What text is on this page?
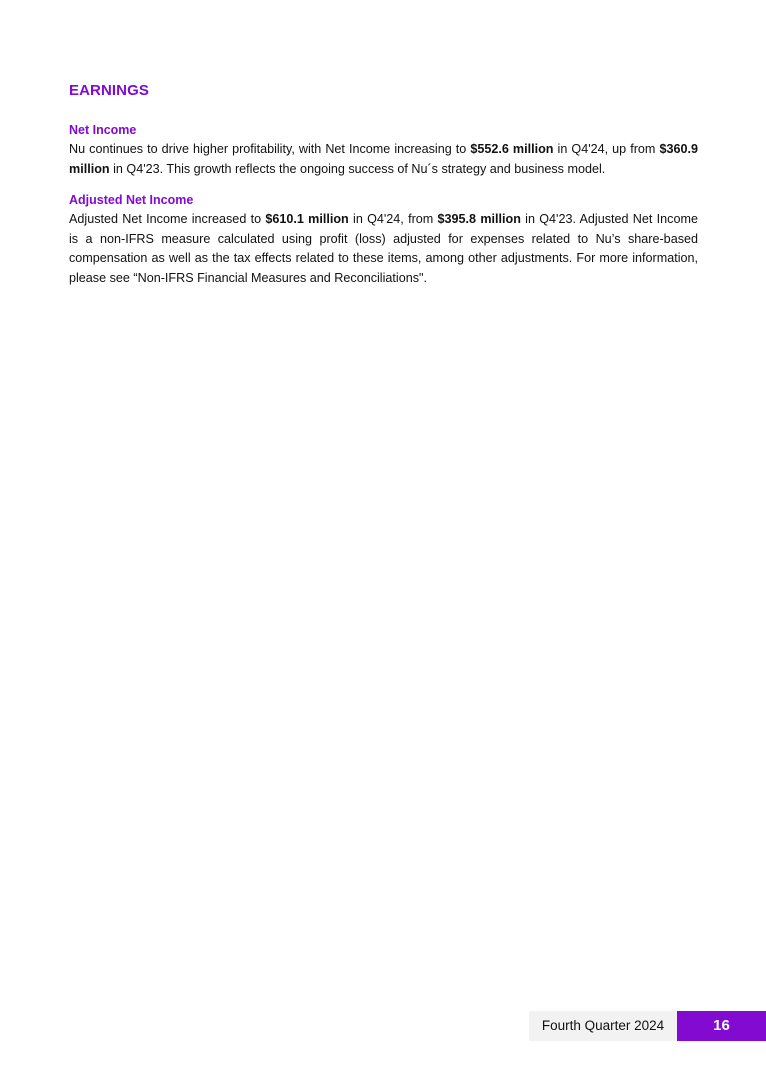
EARNINGS
Net Income

Nu continues to drive higher profitability, with Net Income increasing to $552.6 million in Q4'24, up from $360.9 million in Q4'23. This growth reflects the ongoing success of Nu´s strategy and business model.

Adjusted Net Income

Adjusted Net Income increased to $610.1 million in Q4'24, from $395.8 million in Q4'23. Adjusted Net Income is a non-IFRS measure calculated using profit (loss) adjusted for expenses related to Nu’s share-based compensation as well as the tax effects related to these items, among other adjustments. For more information, please see “Non-IFRS Financial Measures and Reconciliations".

Fourth Quarter 2024	16
